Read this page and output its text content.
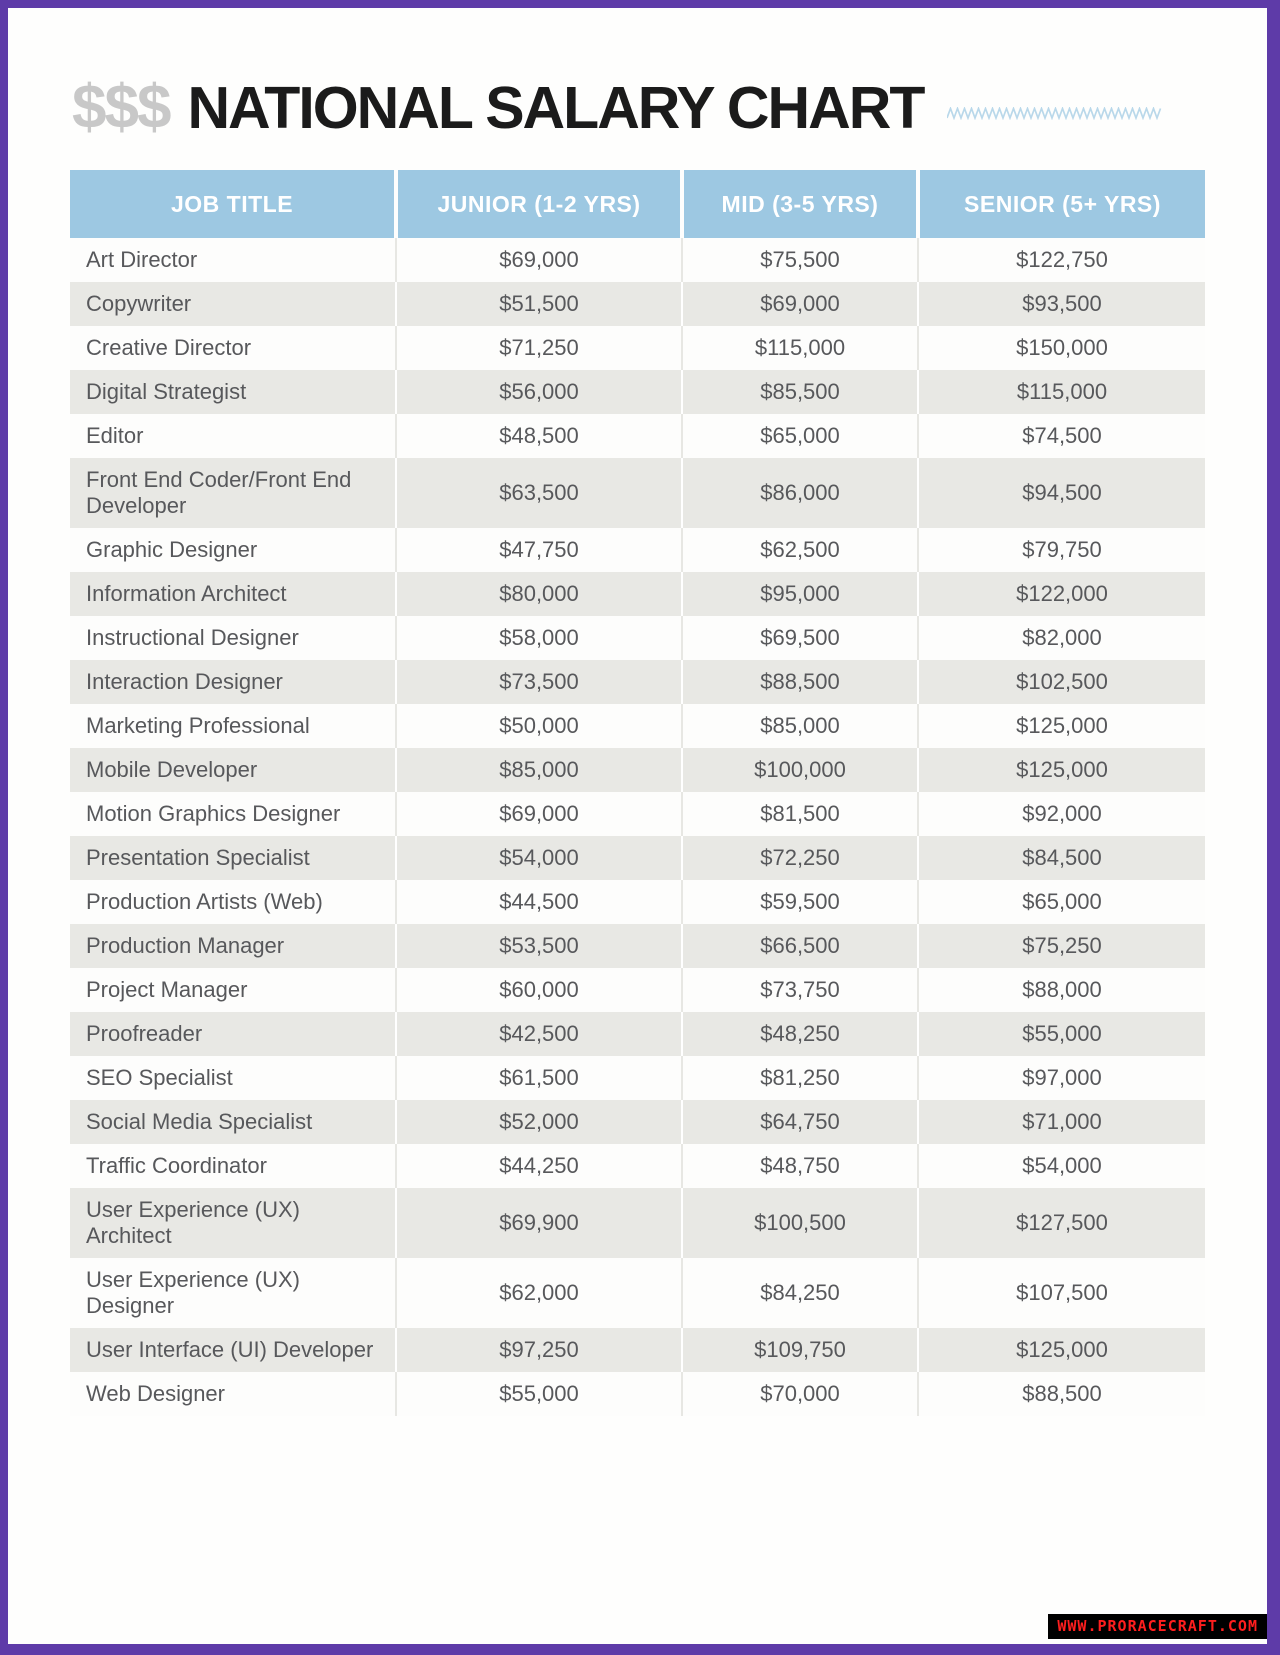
$$$ NATIONAL SALARY CHART
JOB TITLE	JUNIOR (1-2 YRS)	MID (3-5 YRS)	SENIOR (5+ YRS)
Art Director	$69,000	$75,500	$122,750
Copywriter	$51,500	$69,000	$93,500
Creative Director	$71,250	$115,000	$150,000
Digital Strategist	$56,000	$85,500	$115,000
Editor	$48,500	$65,000	$74,500
Front End Coder/Front End Developer	$63,500	$86,000	$94,500
Graphic Designer	$47,750	$62,500	$79,750
Information Architect	$80,000	$95,000	$122,000
Instructional Designer	$58,000	$69,500	$82,000
Interaction Designer	$73,500	$88,500	$102,500
Marketing Professional	$50,000	$85,000	$125,000
Mobile Developer	$85,000	$100,000	$125,000
Motion Graphics Designer	$69,000	$81,500	$92,000
Presentation Specialist	$54,000	$72,250	$84,500
Production Artists (Web)	$44,500	$59,500	$65,000
Production Manager	$53,500	$66,500	$75,250
Project Manager	$60,000	$73,750	$88,000
Proofreader	$42,500	$48,250	$55,000
SEO Specialist	$61,500	$81,250	$97,000
Social Media Specialist	$52,000	$64,750	$71,000
Traffic Coordinator	$44,250	$48,750	$54,000
User Experience (UX) Architect	$69,900	$100,500	$127,500
User Experience (UX) Designer	$62,000	$84,250	$107,500
User Interface (UI) Developer	$97,250	$109,750	$125,000
Web Designer	$55,000	$70,000	$88,500
WWW.PRORACECRAFT.COM
